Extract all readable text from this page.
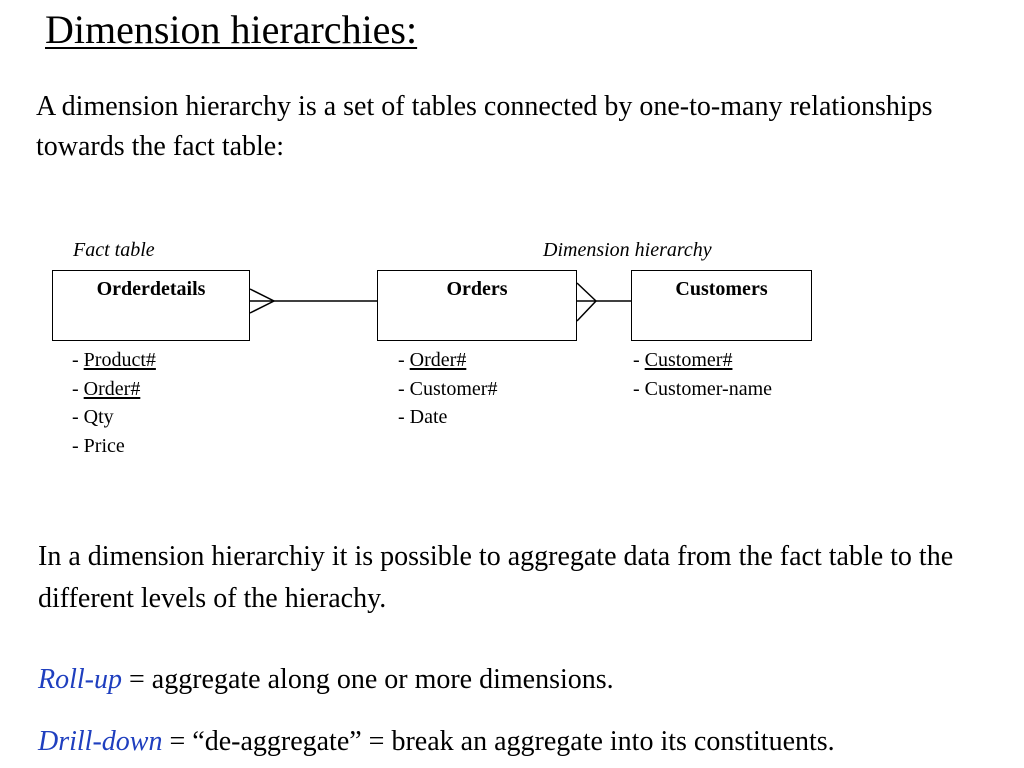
Dimension hierarchies:
A dimension hierarchy is a set of tables connected by one-to-many relationships towards the fact table:
Fact table	Dimension hierarchy
Orderdetails	Orders	Customers
- Product#
- Order#
- Qty
- Price
- Order#
- Customer#
- Date
- Customer#
- Customer-name
In a dimension hierarchiy it is possible to aggregate data from the fact table to the different levels of the hierachy.
Roll-up = aggregate along one or more dimensions.
Drill-down = “de-aggregate” = break an aggregate into its constituents.
